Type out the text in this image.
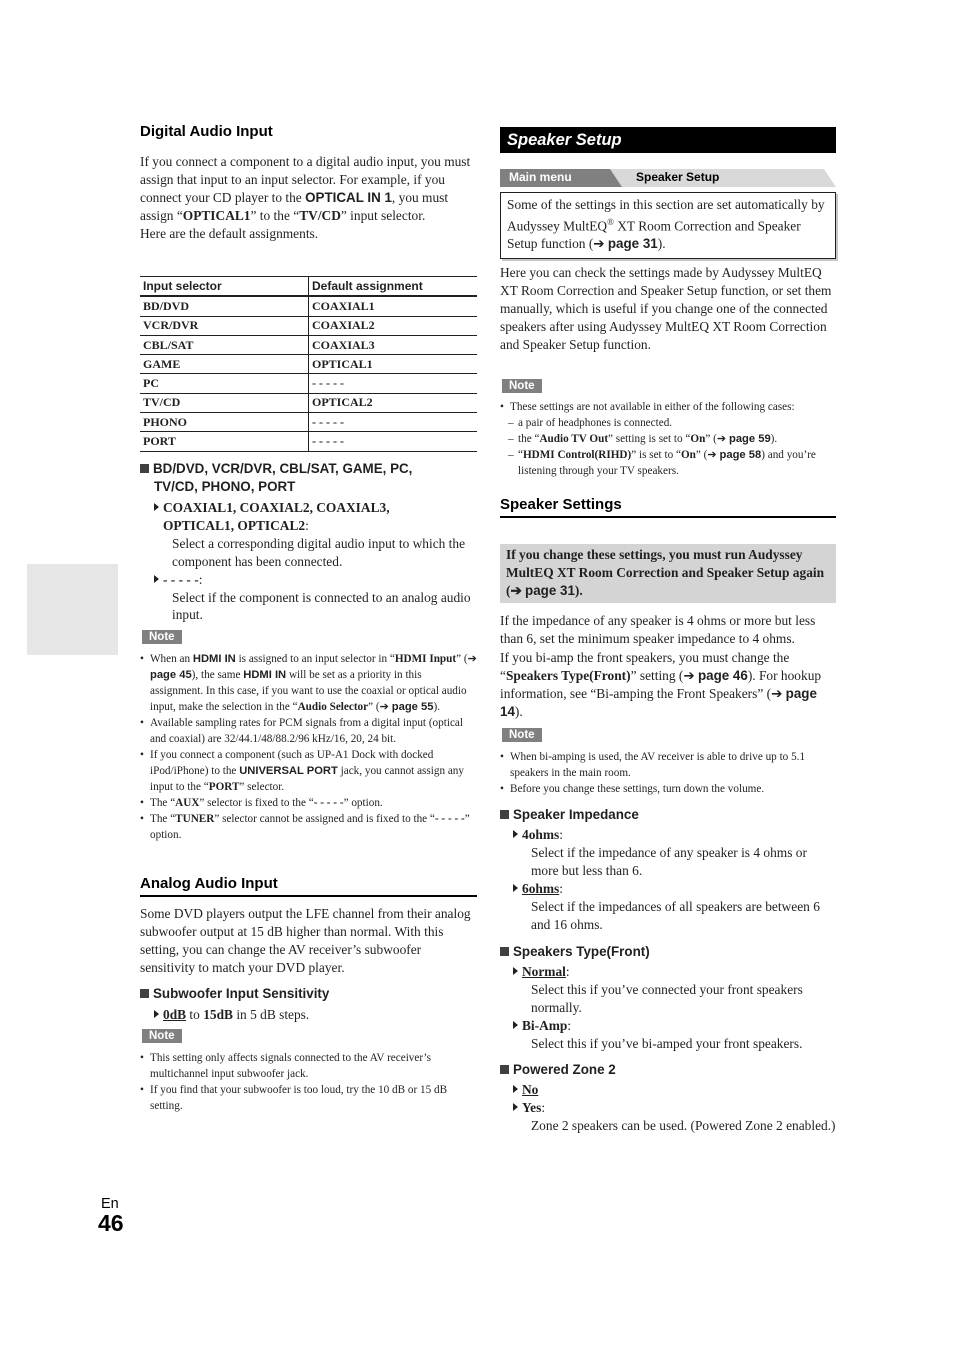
Digital Audio Input
If you connect a component to a digital audio input, you must assign that input to an input selector. For example, if you connect your CD player to the OPTICAL IN 1, you must assign “OPTICAL1” to the “TV/CD” input selector.
Here are the default assignments.
Input selector	Default assignment
BD/DVD	COAXIAL1
VCR/DVR	COAXIAL2
CBL/SAT	COAXIAL3
GAME	OPTICAL1
PC	- - - - -
TV/CD	OPTICAL2
PHONO	- - - - -
PORT	- - - - -
BD/DVD, VCR/DVR, CBL/SAT, GAME, PC,
TV/CD, PHONO, PORT
COAXIAL1, COAXIAL2, COAXIAL3,
OPTICAL1, OPTICAL2:
Select a corresponding digital audio input to which the component has been connected.
- - - - -:
Select if the component is connected to an analog audio input.
Note
• When an HDMI IN is assigned to an input selector in “HDMI Input” (➔ page 45), the same HDMI IN will be set as a priority in this assignment. In this case, if you want to use the coaxial or optical audio input, make the selection in the “Audio Selector” (➔ page 55).
• Available sampling rates for PCM signals from a digital input (optical and coaxial) are 32/44.1/48/88.2/96 kHz/16, 20, 24 bit.
• If you connect a component (such as UP-A1 Dock with docked iPod/iPhone) to the UNIVERSAL PORT jack, you cannot assign any input to the “PORT” selector.
• The “AUX” selector is fixed to the “- - - - -” option.
• The “TUNER” selector cannot be assigned and is fixed to the “- - - - -” option.
Analog Audio Input
Some DVD players output the LFE channel from their analog subwoofer output at 15 dB higher than normal. With this setting, you can change the AV receiver’s subwoofer sensitivity to match your DVD player.
Subwoofer Input Sensitivity
0dB to 15dB in 5 dB steps.
Note
• This setting only affects signals connected to the AV receiver’s multichannel input subwoofer jack.
• If you find that your subwoofer is too loud, try the 10 dB or 15 dB setting.
Speaker Setup
Main menu	Speaker Setup
Some of the settings in this section are set automatically by Audyssey MultEQ® XT Room Correction and Speaker Setup function (➔ page 31).
Here you can check the settings made by Audyssey MultEQ XT Room Correction and Speaker Setup function, or set them manually, which is useful if you change one of the connected speakers after using Audyssey MultEQ XT Room Correction and Speaker Setup function.
Note
• These settings are not available in either of the following cases:
– a pair of headphones is connected.
– the “Audio TV Out” setting is set to “On” (➔ page 59).
– “HDMI Control(RIHD)” is set to “On” (➔ page 58) and you’re listening through your TV speakers.
Speaker Settings
If you change these settings, you must run Audyssey MultEQ XT Room Correction and Speaker Setup again (➔ page 31).
If the impedance of any speaker is 4 ohms or more but less than 6, set the minimum speaker impedance to 4 ohms.
If you bi-amp the front speakers, you must change the “Speakers Type(Front)” setting (➔ page 46). For hookup information, see “Bi-amping the Front Speakers” (➔ page 14).
Note
• When bi-amping is used, the AV receiver is able to drive up to 5.1 speakers in the main room.
• Before you change these settings, turn down the volume.
Speaker Impedance
4ohms:
Select if the impedance of any speaker is 4 ohms or more but less than 6.
6ohms:
Select if the impedances of all speakers are between 6 and 16 ohms.
Speakers Type(Front)
Normal:
Select this if you’ve connected your front speakers normally.
Bi-Amp:
Select this if you’ve bi-amped your front speakers.
Powered Zone 2
No
Yes:
Zone 2 speakers can be used. (Powered Zone 2 enabled.)
En
46
